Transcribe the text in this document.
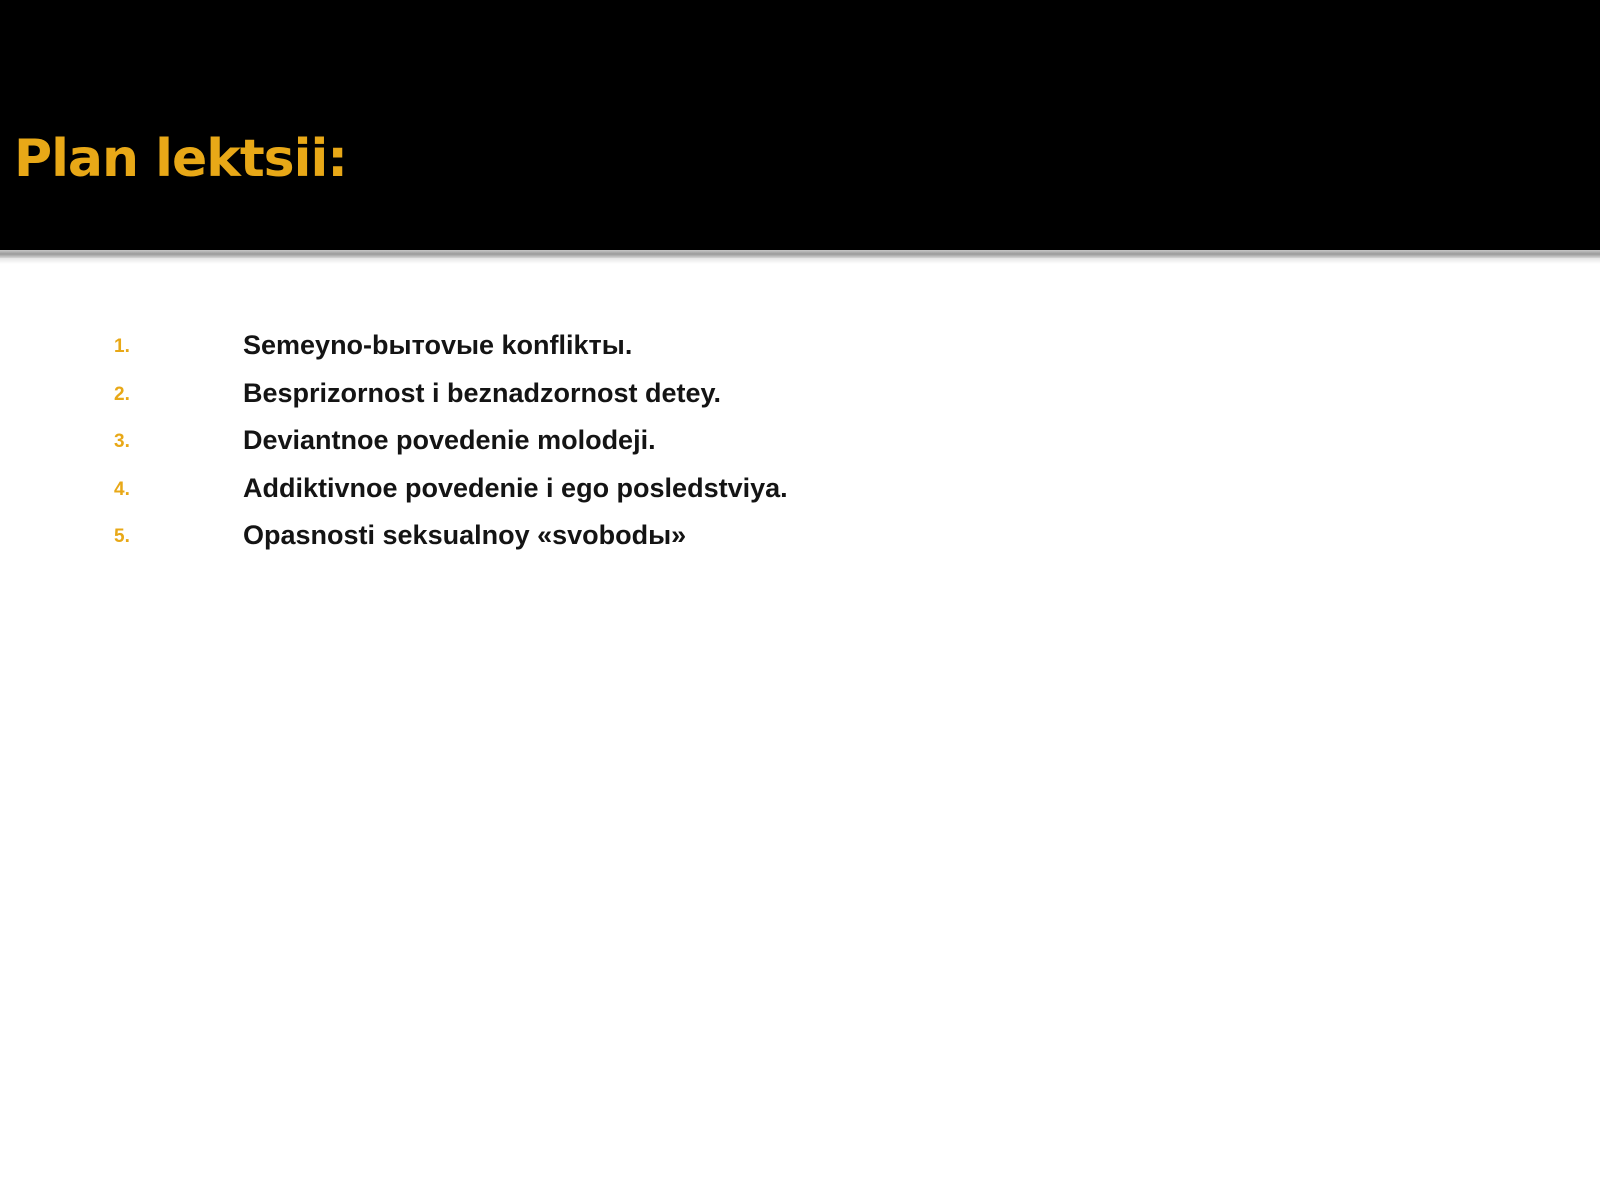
Plan lektsii:
1.	Semeyno-bытоvые konflikты.
2.	Besprizornost i beznadzornost detey.
3.	Deviantnoe povedenie molodeji.
4.	Addiktivnoe povedenie i ego posledstviya.
5.	Opasnosti seksualnoy «svobodы»
